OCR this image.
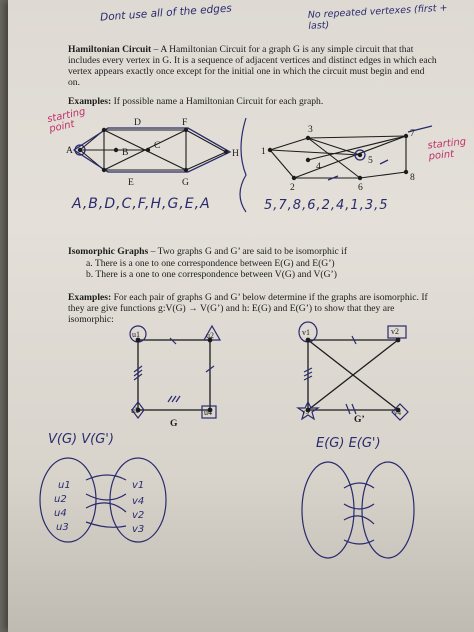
Dont use all of the edges	No repeated vertexes (first + last)
Hamiltonian Circuit – A Hamiltonian Circuit for a graph G is any simple circuit that that includes every vertex in G. It is a sequence of adjacent vertices and distinct edges in which each vertex appears exactly once except for the initial one in which the circuit must begin and end on.
Examples: If possible name a Hamiltonian Circuit for each graph.
A	B
C
D
E
F
G
H
starting point
A,B,D,C,F,H,G,E,A
1
2
3
4
5
6
7
8
starting point
5,7,8,6,2,4,1,3,5
Isomorphic Graphs – Two graphs G and G’ are said to be isomorphic if
a. There is a one to one correspondence between E(G) and E(G’)
b. There is a one to one correspondence between V(G) and V(G’)
Examples: For each pair of graphs G and G’ below determine if the graphs are isomorphic. If they are give functions g:V(G) → V(G’) and h: E(G) and E(G’) to show that they are isomorphic:
u1	u2
u3	u4
G
v1	v2
v3	v4
G’
V(G) V(G')	E(G) E(G')
u1
u2
u4
u3
v1
v4
v2
v3
